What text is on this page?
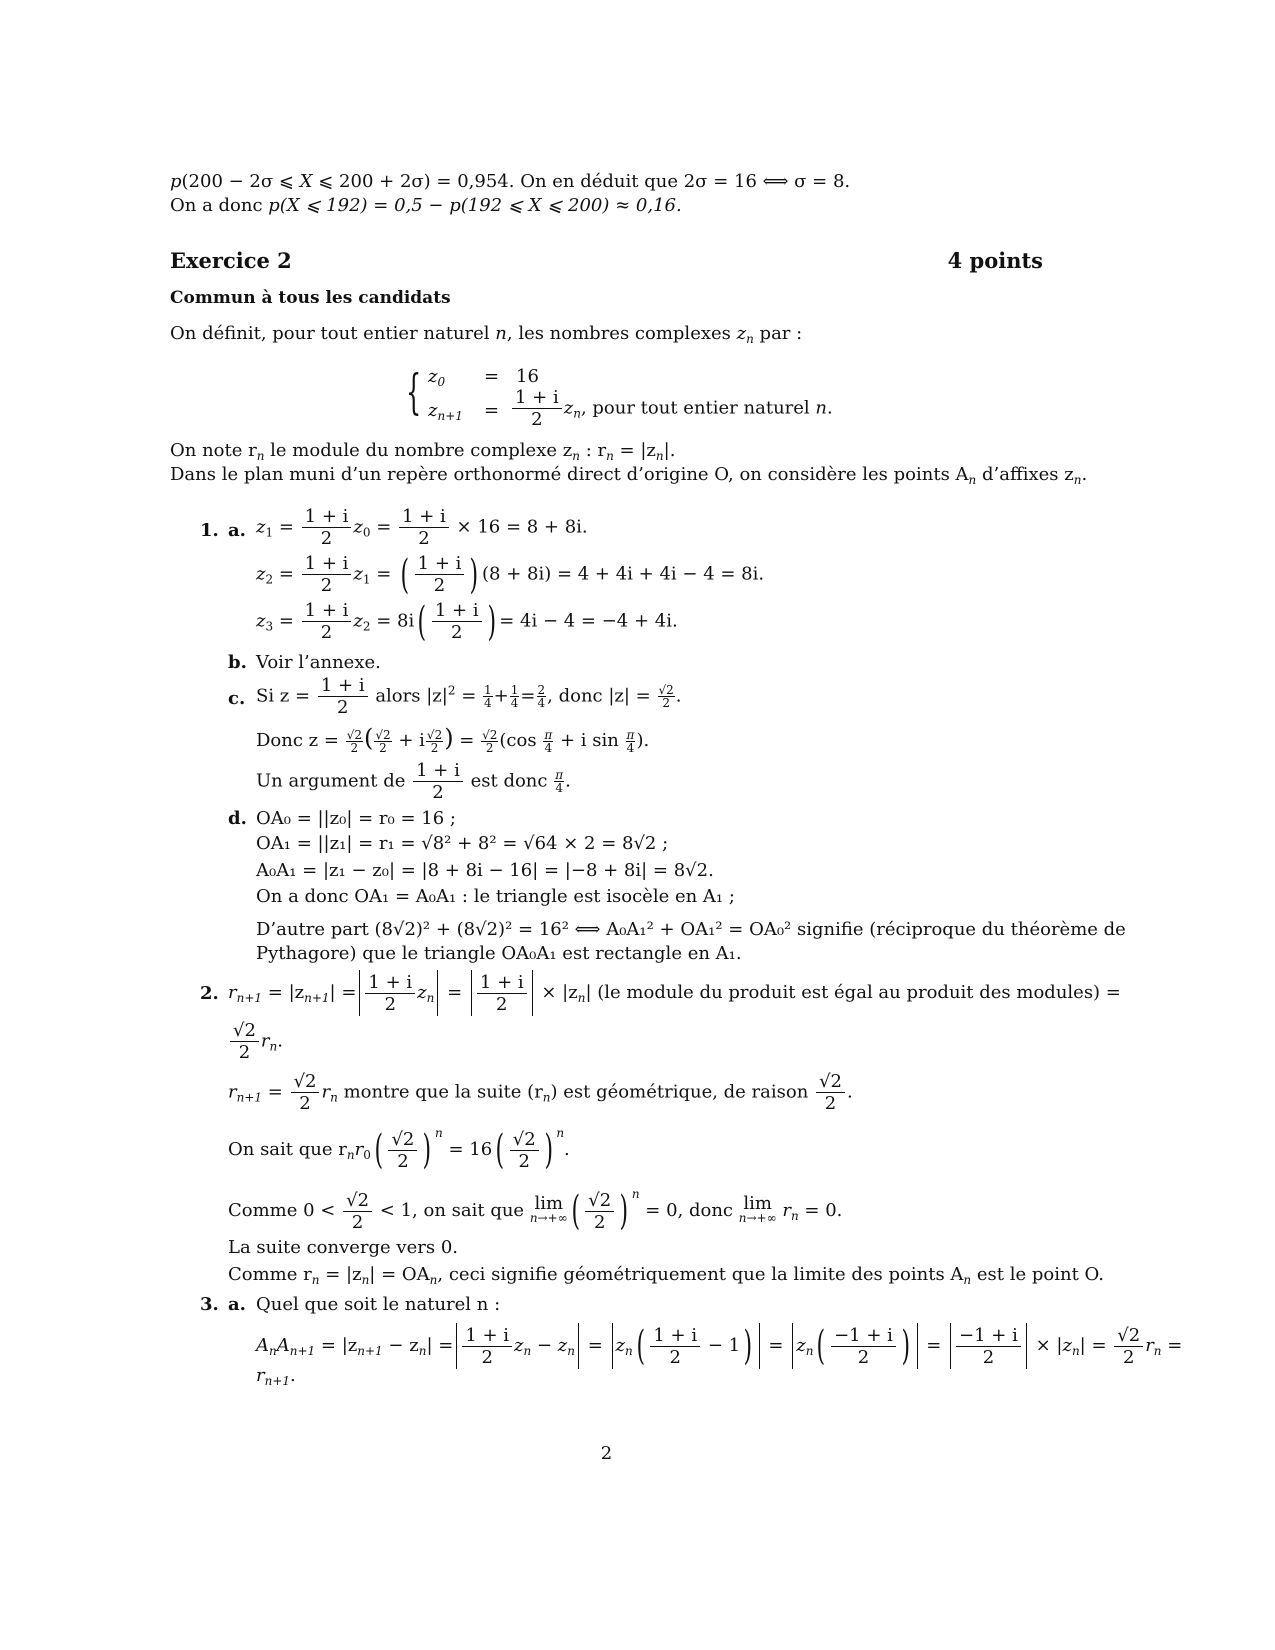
p(200 − 2σ ⩽ X ⩽ 200 + 2σ) = 0,954. On en déduit que 2σ = 16 ⟺ σ = 8.
On a donc p(X ⩽ 192) = 0,5 − p(192 ⩽ X ⩽ 200) ≈ 0,16.
Exercice 2	4 points
Commun à tous les candidats
On définit, pour tout entier naturel n, les nombres complexes $z_n$ par :
{ $z_0 = 16$
$z_{n+1} = \frac{1 + i}{2} z_n$, pour tout entier naturel n.
On note $r_n$ le module du nombre complexe $z_n$ : $r_n = |z_n|$.
Dans le plan muni d’un repère orthonormé direct d’origine O, on considère les points $A_n$ d’affixes $z_n$.
1. a. $z_1 = \frac{1 + i}{2} z_0 = \frac{1 + i}{2} \times 16 = 8 + 8i$.
$z_2 = \frac{1 + i}{2} z_1$ = ( $\frac{1 + i}{2}$ ) (8 + 8i) = 4 + 4i + 4i − 4 = 8i.
$z_3 = \frac{1 + i}{2} z_2 = 8i( \frac{1 + i}{2}$ ) = 4i − 4 = −4 + 4i.
b. Voir l’annexe.
c. Si $z = \frac{1 + i}{2}$ alors $|z|^2 = \frac{1}{4} + \frac{1}{4} = \frac{2}{4}$ , donc $|z| = \frac{√2}{2}$ .
Donc $z = \frac{√2}{2}$ ( $\frac{√2}{2} + i \frac{√2}{2}$ ) = $\frac{√2}{2} (\cos \frac{\pi}{4} + i$ $\sin \frac{\pi}{4}$ ).
Un argument de $\frac{1 + i}{2}$ est donc $\frac{\pi}{4}$ .
d. OA₀ = ||z₀| = r₀ = 16 ;
OA₁ = ||z₁| = r₁ = √8² + 8² = √64 × 2 = 8√2 ;
A₀A₁ = |z₁ − z₀| = |8 + 8i − 16| = |−8 + 8i| = 8√2.
On a donc OA₁ = A₀A₁ : le triangle est isocèle en A₁ ;
D’autre part (8√2)² + (8√2)² = 16² ⟺ A₀A₁² + OA₁² = OA₀² signifie (réciproque du théorème de
Pythagore) que le triangle OA₀A₁ est rectangle en A₁.
2. $r_{n+1} = |z_{n+1}| = \frac{1 + i}{2} z_n = \frac{1 + i}{2} \times |z_n|$ (le module du produit est égal au produit des modules) =
$\frac{√2}{2} r_n$.
$r_{n+1} = \frac{√2}{2} r_n$ montre que la suite $(r_n)$ est géométrique, de raison $\frac{√2}{2}$ .
On sait que $r_nr_0( \frac{√2}{2}$ ) $^n = 16( \frac{√2}{2}$ ) $^n$.
Comme $0 < \frac{√2}{2} < 1$, on sait que lim
n→+∞ ( $\frac{√2}{2}$ ) $^n$ = 0, donc lim
n→+∞ $r_n = 0$.
La suite converge vers 0.
Comme $r_n = |z_n| = OA_n$, ceci signifie géométriquement que la limite des points $A_n$ est le point O.
3. a. Quel que soit le naturel n :
$A_nA_{n+1} = |z_{n+1} - z_n| = \frac{1 + i}{2} z_n - z_n = z_n( \frac{1 + i}{2} - 1) = z_n( \frac{-1 + i}{2}$ ) = $\frac{-1 + i}{2} \times |z_n| = \frac{√2}{2} r_n$ =
$r_{n+1}$.
2
